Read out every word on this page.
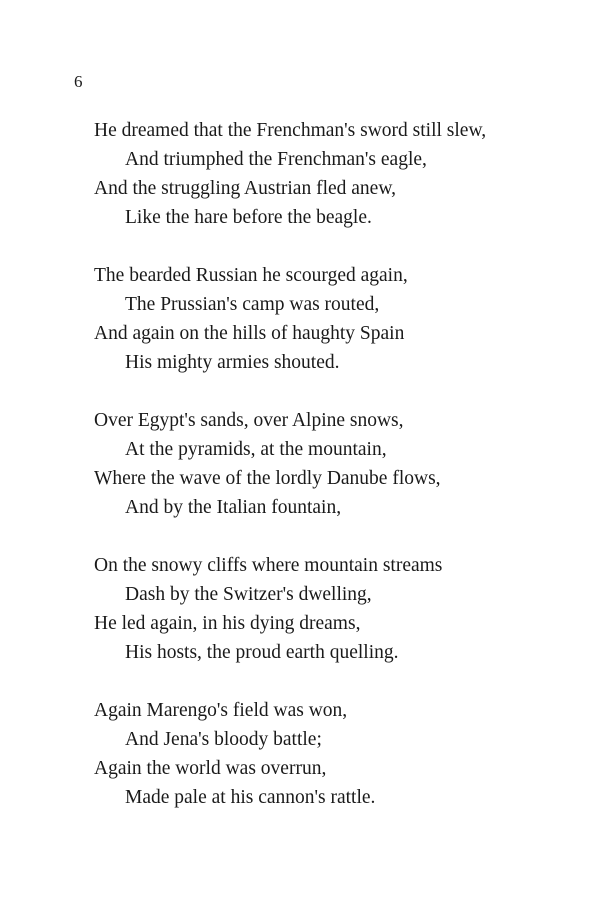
6
He dreamed that the Frenchman's sword still slew,
And triumphed the Frenchman's eagle,
And the struggling Austrian fled anew,
Like the hare before the beagle.
The bearded Russian he scourged again,
The Prussian's camp was routed,
And again on the hills of haughty Spain
His mighty armies shouted.
Over Egypt's sands, over Alpine snows,
At the pyramids, at the mountain,
Where the wave of the lordly Danube flows,
And by the Italian fountain,
On the snowy cliffs where mountain streams
Dash by the Switzer's dwelling,
He led again, in his dying dreams,
His hosts, the proud earth quelling.
Again Marengo's field was won,
And Jena's bloody battle;
Again the world was overrun,
Made pale at his cannon's rattle.
